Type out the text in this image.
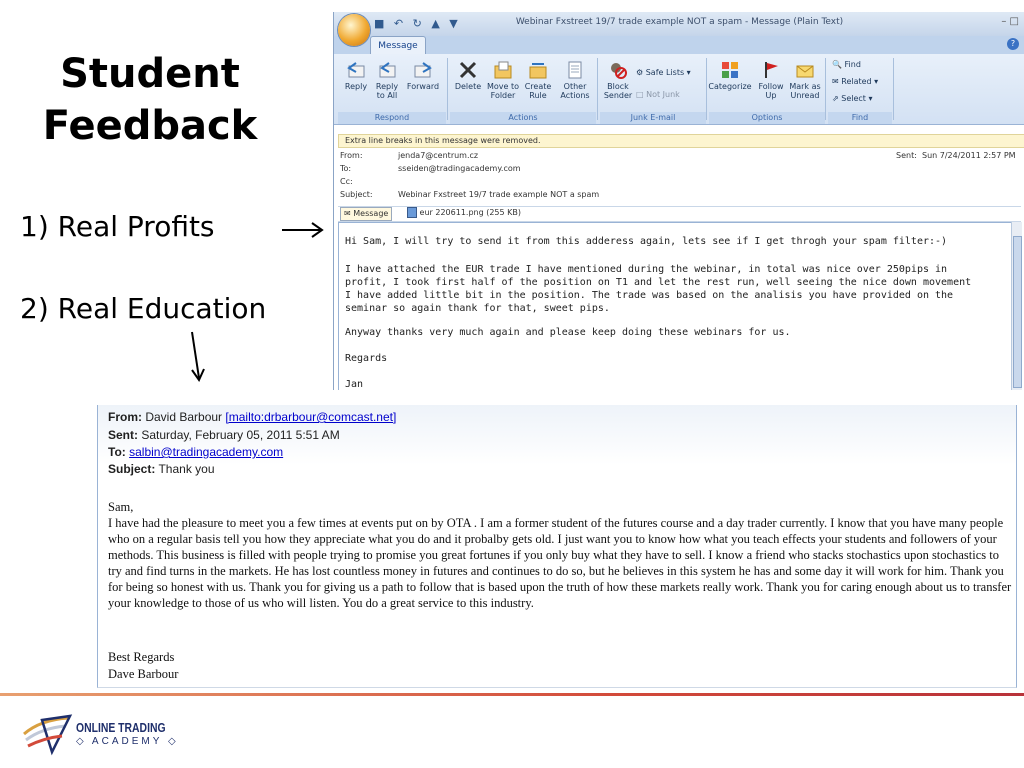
Student
Feedback
1) Real Profits
2) Real Education
Webinar Fxstreet 19/7 trade example NOT a spam - Message (Plain Text)
■ ↶ ↻ ▲ ▼	– □
Message	?
Respond
Reply	Reply to All
Forward
Actions
Delete Move to Folder
Create Rule
Other Actions
Junk E-mail
Block Sender
⚙ Safe Lists ▾
□ Not Junk
Options
Categorize Follow Up
Mark as Unread
Find
🔍 Find
✉ Related ▾
⇗ Select ▾
Extra line breaks in this message were removed.
From:	jenda7@centrum.cz	Sent: Sun 7/24/2011 2:57 PM
To:	sseiden@tradingacademy.com
Cc:
Subject:	Webinar Fxstreet 19/7 trade example NOT a spam
✉ Message	eur 220611.png (255 KB)
Hi Sam, I will try to send it from this adderess again, lets see if I get throgh your spam filter:-)
I have attached the EUR trade I have mentioned during the webinar, in total was nice over 250pips in
profit, I took first half of the position on T1 and let the rest run, well seeing the nice down movement
I have added little bit in the position. The trade was based on the analisis you have provided on the
seminar so again thank for that, sweet pips.
Anyway thanks very much again and please keep doing these webinars for us.
Regards
Jan
From: David Barbour [mailto:drbarbour@comcast.net]
Sent: Saturday, February 05, 2011 5:51 AM
To: salbin@tradingacademy.com
Subject: Thank you
Sam,
I have had the pleasure to meet you a few times at events put on by OTA . I am a former student of the futures course and a day trader currently. I know that you have many people who on a regular basis tell you how they appreciate what you do and it probalby gets old. I just want you to know how what you teach effects your students and followers of your methods. This business is filled with people trying to promise you great fortunes if you only buy what they have to sell. I know a friend who stacks stochastics upon stochastics to try and find turns in the markets. He has lost countless money in futures and continues to do so, but he believes in this system he has and some day it will work for him. Thank you for being so honest with us. Thank you for giving us a path to follow that is based upon the truth of how these markets really work. Thank you for caring enough about us to transfer your knowledge to those of us who will listen. You do a great service to this industry.
Best Regards
Dave Barbour
ONLINE TRADING
◇ ACADEMY ◇
